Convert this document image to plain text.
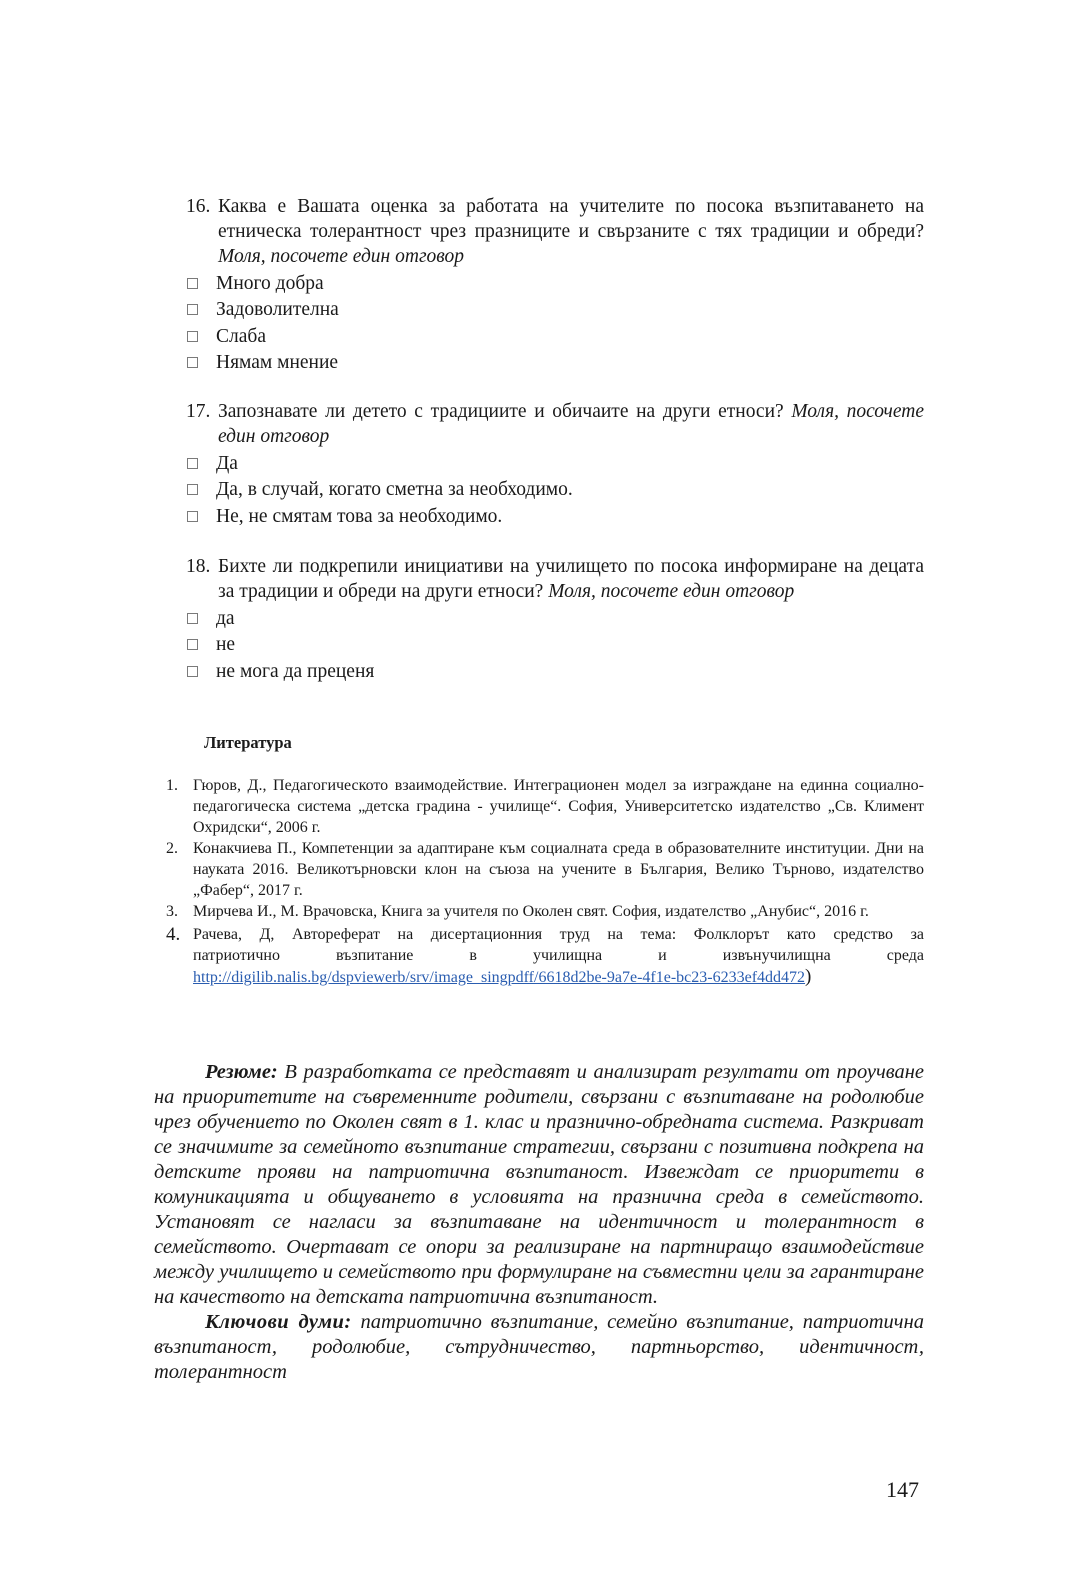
16. Каква е Вашата оценка за работата на учителите по посока възпитаването на етническа толерантност чрез празниците и свързаните с тях традиции и обреди? Моля, посочете един отговор
Много добра
Задоволителна
Слаба
Нямам мнение
17. Запознавате ли детето с традициите и обичаите на други етноси? Моля, посочете един отговор
Да
Да, в случай, когато сметна за необходимо.
Не, не смятам това за необходимо.
18. Бихте ли подкрепили инициативи на училището по посока информиране на децата за традиции и обреди на други етноси? Моля, посочете един отговор
да
не
не мога да преценя
Литература
1. Гюров, Д., Педагогическото взаимодействие. Интеграционен модел за изграждане на единна социално-педагогическа система „детска градина - училище“. София, Университетско издателство „Св. Климент Охридски“, 2006 г.
2. Конакчиева П., Компетенции за адаптиране към социалната среда в образователните институции. Дни на науката 2016. Великотърновски клон на съюза на учените в България, Велико Търново, издателство „Фабер“, 2017 г.
3. Мирчева И., М. Врачовска, Книга за учителя по Околен свят. София, издателство „Анубис“, 2016 г.
4. Рачева, Д, Автореферат на дисертационния труд на тема: Фолклорът като средство за
патриотично възпитание в училищна и извънучилищна среда
http://digilib.nalis.bg/dspviewerb/srv/image_singpdff/6618d2be-9a7e-4f1e-bc23-6233ef4dd472)
Резюме: В разработката се представят и анализират резултати от проучване на приоритетите на съвременните родители, свързани с възпитаване на родолюбие чрез обучението по Околен свят в 1. клас и празнично-обредната система. Разкриват се значимите за семейното възпитание стратегии, свързани с позитивна подкрепа на детските прояви на патриотична възпитаност. Извеждат се приоритети в комуникацията и общуването в условията на празнична среда в семейството. Установят се нагласи за възпитаване на идентичност и толерантност в семейството. Очертават се опори за реализиране на партниращо взаимодействие между училището и семейството при формулиране на съвместни цели за гарантиране на качеството на детската патриотична възпитаност.
Ключови думи: патриотично възпитание, семейно възпитание, патриотична възпитаност, родолюбие, сътрудничество, партньорство, идентичност, толерантност
147
